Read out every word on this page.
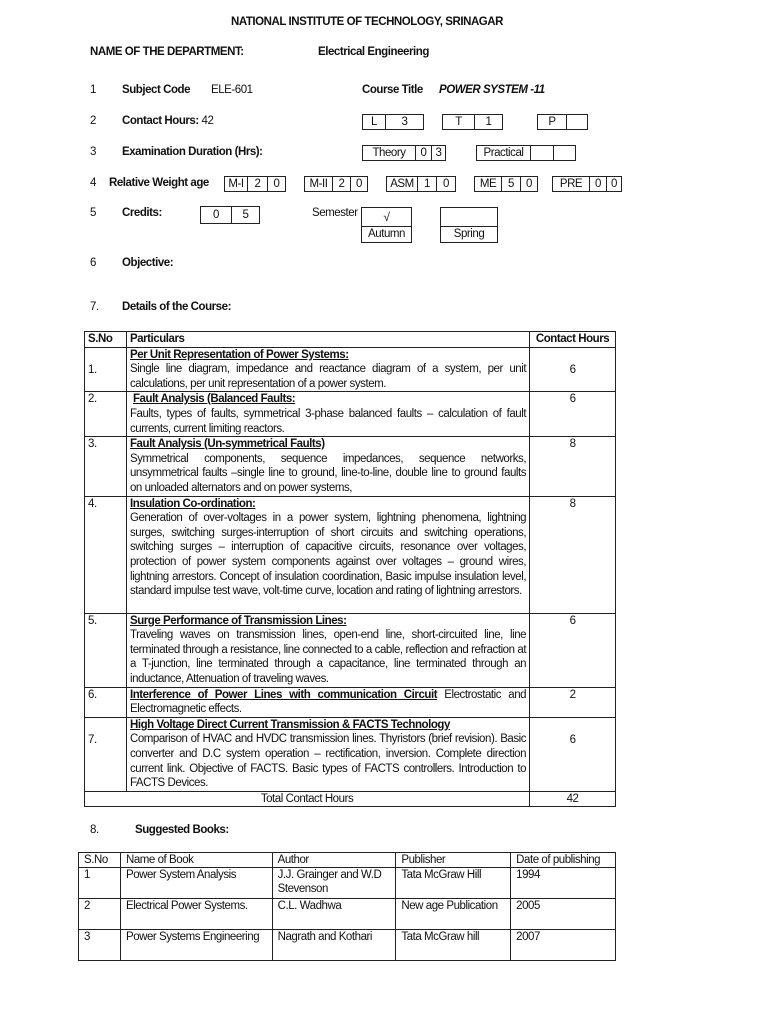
NATIONAL INSTITUTE OF TECHNOLOGY, SRINAGAR
NAME OF THE DEPARTMENT:	Electrical Engineering
1 Subject Code ELE-601	Course Title POWER SYSTEM -11
2 Contact Hours: 42	L	3	T	1	P
3 Examination Duration (Hrs):	Theory	0 3	Practical
4 Relative Weight age M-I 2	0	M-II 2	0	ASM 1	0	ME	5	0	PRE	0 0
5 Credits:	0	5	Semester	√
Autumn	Spring
6 Objective:
7. Details of the Course:
S.No	Particulars	Contact Hours
1.	Per Unit Representation of Power Systems:
Single line diagram, impedance and reactance diagram of a system, per unit calculations, per unit representation of a power system.	6
2.	Fault Analysis (Balanced Faults:
Faults, types of faults, symmetrical 3-phase balanced faults – calculation of fault currents, current limiting reactors.	6
3.	Fault Analysis (Un-symmetrical Faults)
Symmetrical components, sequence impedances, sequence networks, unsymmetrical faults –single line to ground, line-to-line, double line to ground faults on unloaded alternators and on power systems,	8
4.	Insulation Co-ordination:
Generation of over-voltages in a power system, lightning phenomena, lightning surges, switching surges-interruption of short circuits and switching operations, switching surges – interruption of capacitive circuits, resonance over voltages, protection of power system components against over voltages – ground wires, lightning arrestors. Concept of insulation coordination, Basic impulse insulation level, standard impulse test wave, volt-time curve, location and rating of lightning arrestors.	8
5.	Surge Performance of Transmission Lines:
Traveling waves on transmission lines, open-end line, short-circuited line, line terminated through a resistance, line connected to a cable, reflection and refraction at a T-junction, line terminated through a capacitance, line terminated through an inductance, Attenuation of traveling waves.	6
6.	Interference of Power Lines with communication Circuit Electrostatic and Electromagnetic effects.	2
7.	High Voltage Direct Current Transmission & FACTS Technology
Comparison of HVAC and HVDC transmission lines. Thyristors (brief revision). Basic converter and D.C system operation – rectification, inversion. Complete direction current link. Objective of FACTS. Basic types of FACTS controllers. Introduction to FACTS Devices.	6
Total Contact Hours		42
8.	Suggested Books:
S.No	Name of Book	Author	Publisher	Date of publishing
1	Power System Analysis	J.J. Grainger and W.D Stevenson	Tata McGraw Hill	1994
2	Electrical Power Systems.	C.L. Wadhwa	New age Publication	2005
3	Power Systems Engineering	Nagrath and Kothari	Tata McGraw hill	2007
